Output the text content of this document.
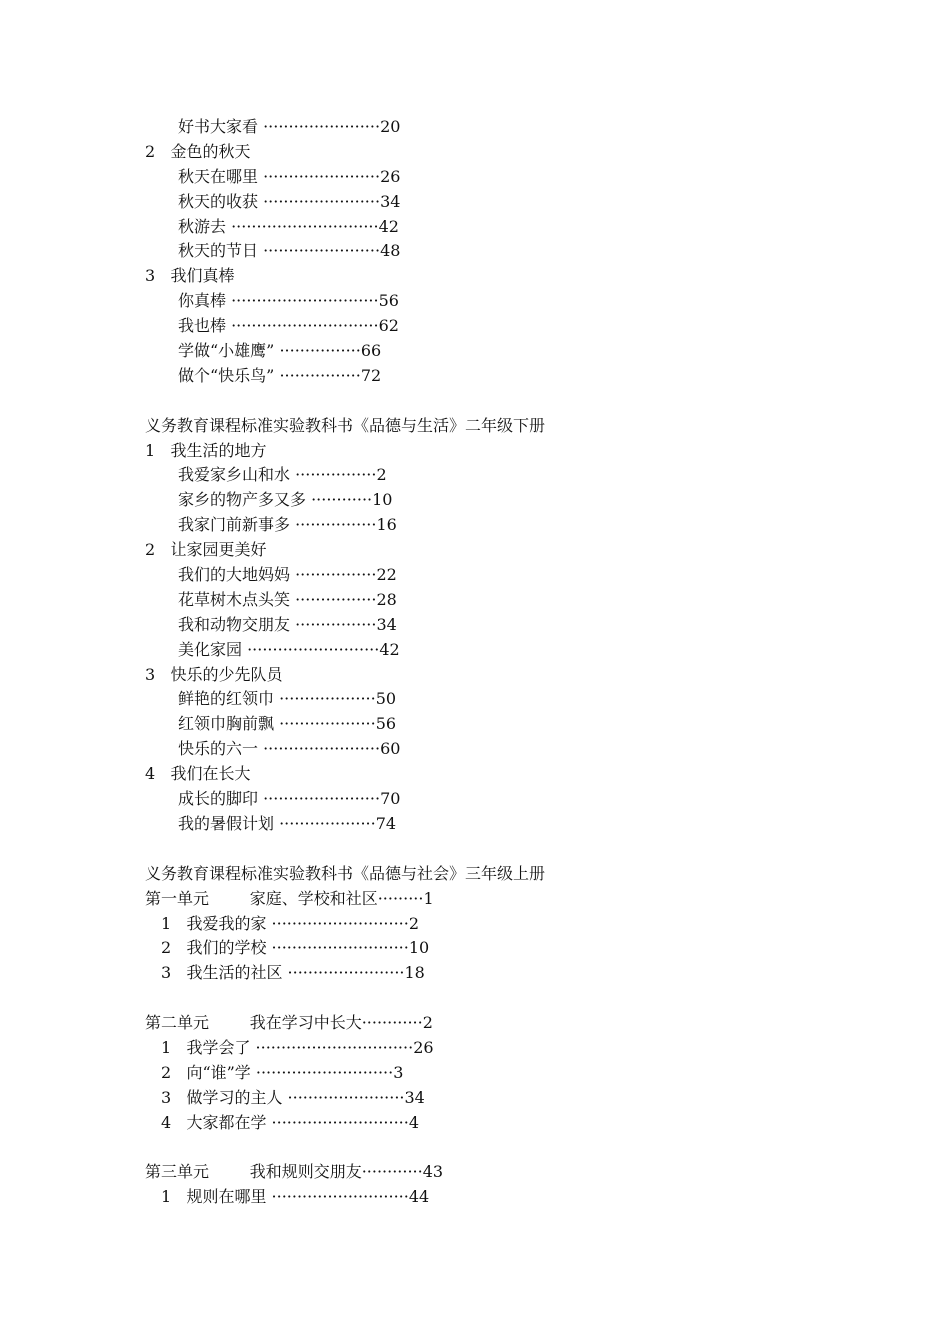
好书大家看 ·······················20
2   金色的秋天
秋天在哪里 ·······················26
秋天的收获 ·······················34
秋游去 ·····························42
秋天的节日 ·······················48
3   我们真棒
你真棒 ·····························56
我也棒 ·····························62
学做“小雄鹰” ················66
做个“快乐鸟” ················72
义务教育课程标准实验教科书《品德与生活》二年级下册
1   我生活的地方
我爱家乡山和水 ················2
家乡的物产多又多 ············10
我家门前新事多 ················16
2   让家园更美好
我们的大地妈妈 ················22
花草树木点头笑 ················28
我和动物交朋友 ················34
美化家园 ··························42
3   快乐的少先队员
鲜艳的红领巾 ···················50
红领巾胸前飘 ···················56
快乐的六一 ·······················60
4   我们在长大
成长的脚印 ·······················70
我的暑假计划 ···················74
义务教育课程标准实验教科书《品德与社会》三年级上册
第一单元        家庭、学校和社区·········1
1   我爱我的家 ···························2
2   我们的学校 ···························10
3   我生活的社区 ·······················18
第二单元        我在学习中长大············2
1   我学会了 ·······························26
2   向“谁”学 ···························3
3   做学习的主人 ·······················34
4   大家都在学 ···························4
第三单元        我和规则交朋友············43
1   规则在哪里 ···························44
